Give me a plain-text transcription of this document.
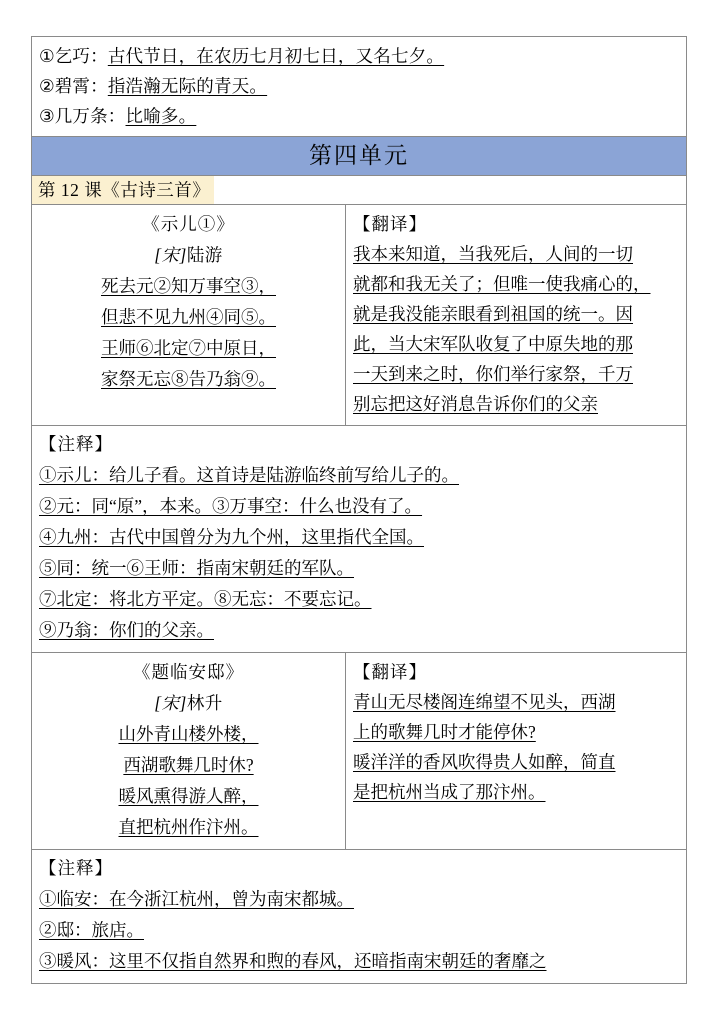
①乞巧：古代节日，在农历七月初七日，又名七夕。
②碧霄：指浩瀚无际的青天。
③几万条：比喻多。	

第四单元	
第 12 课《古诗三首》	

《示儿①》
[宋]陆游
死去元②知万事空③，
但悲不见九州④同⑤。
王师⑥北定⑦中原日，
家祭无忘⑧告乃翁⑨。

【翻译】
我本来知道，当我死后，人间的一切
就都和我无关了；但唯一使我痛心的，
就是我没能亲眼看到祖国的统一。因
此，当大宋军队收复了中原失地的那
一天到来之时，你们举行家祭，千万
别忘把这好消息告诉你们的父亲

【注释】
①示儿：给儿子看。这首诗是陆游临终前写给儿子的。
②元：同“原”，本来。③万事空：什么也没有了。
④九州：古代中国曾分为九个州，这里指代全国。
⑤同：统一⑥王师：指南宋朝廷的军队。
⑦北定：将北方平定。⑧无忘：不要忘记。
⑨乃翁：你们的父亲。

《题临安邸》
[宋]林升
山外青山楼外楼，
西湖歌舞几时休?
暖风熏得游人醉，
直把杭州作汴州。

【翻译】
青山无尽楼阁连绵望不见头，西湖
上的歌舞几时才能停休?
暖洋洋的香风吹得贵人如醉，简直
是把杭州当成了那汴州。

【注释】
①临安：在今浙江杭州，曾为南宋都城。
②邸：旅店。
③暖风：这里不仅指自然界和煦的春风，还暗指南宋朝廷的奢靡之	
